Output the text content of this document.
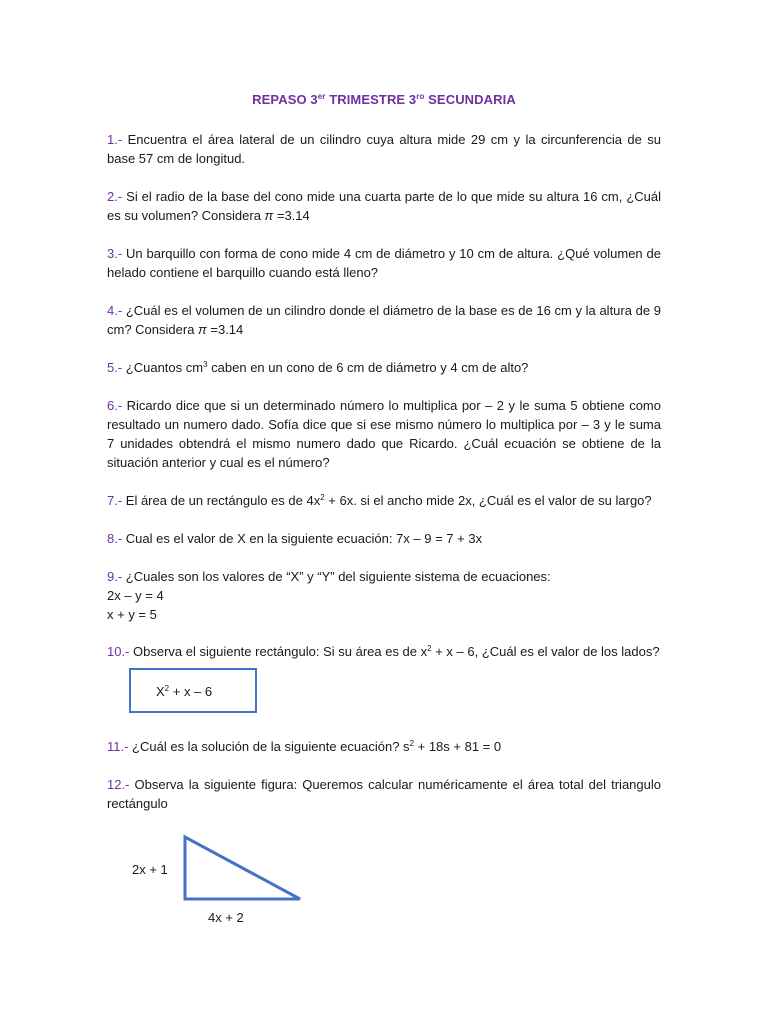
REPASO 3er TRIMESTRE $3^{ro}$ SECUNDARIA
1.- Encuentra el área lateral de un cilindro cuya altura mide 29 cm y la circunferencia de su base 57 cm de longitud.
2.- Si el radio de la base del cono mide una cuarta parte de lo que mide su altura 16 cm, ¿Cuál es su volumen? Considera π =3.14
3.- Un barquillo con forma de cono mide 4 cm de diámetro y 10 cm de altura. ¿Qué volumen de helado contiene el barquillo cuando está lleno?
4.- ¿Cuál es el volumen de un cilindro donde el diámetro de la base es de 16 cm y la altura de 9 cm? Considera π =3.14
5.- ¿Cuantos $cm^3$ caben en un cono de 6 cm de diámetro y 4 cm de alto?
6.- Ricardo dice que si un determinado número lo multiplica por – 2 y le suma 5 obtiene como resultado un numero dado. Sofía dice que si ese mismo número lo multiplica por – 3 y le suma 7 unidades obtendrá el mismo numero dado que Ricardo. ¿Cuál ecuación se obtiene de la situación anterior y cual es el número?
7.- El área de un rectángulo es de $4x^2 + 6x$. si el ancho mide 2x, ¿Cuál es el valor de su largo?
8.- Cual es el valor de X en la siguiente ecuación: 7x – 9 = 7 + 3x
9.- ¿Cuales son los valores de “X” y “Y” del siguiente sistema de ecuaciones:
2x – y = 4
x + y = 5
10.- Observa el siguiente rectángulo: Si su área es de $x^2 + x - 6$, ¿Cuál es el valor de los lados?
$X^2 + x - 6$
11.- ¿Cuál es la solución de la siguiente ecuación? $s^2 + 18s + 81 = 0$
12.- Observa la siguiente figura: Queremos calcular numéricamente el área total del triangulo rectángulo
2x + 1
4x + 2
